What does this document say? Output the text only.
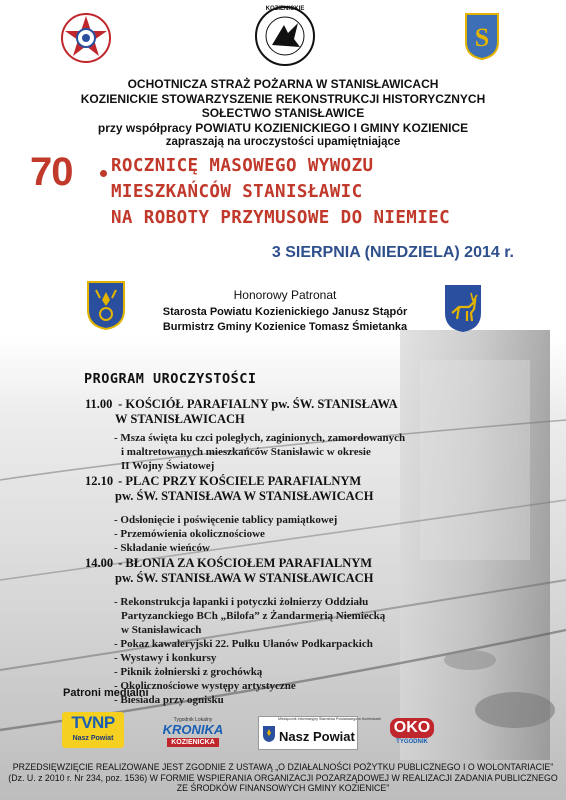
KOZIENICKIE
S
OCHOTNICZA STRAŻ POŻARNA W STANISŁAWICACH
KOZIENICKIE STOWARZYSZENIE REKONSTRUKCJI HISTORYCZNYCH
SOŁECTWO STANISŁAWICE
przy współpracy POWIATU KOZIENICKIEGO I GMINY KOZIENICE
zapraszają na uroczystości upamiętniające
70 ROCZNICĘ MASOWEGO WYWOZU
MIESZKAŃCÓW STANISŁAWIC
NA ROBOTY PRZYMUSOWE DO NIEMIEC
3 SIERPNIA (NIEDZIELA) 2014 r.
Honorowy Patronat
Starosta Powiatu Kozienickiego Janusz Stąpór
Burmistrz Gminy Kozienice Tomasz Śmietanka
PROGRAM UROCZYSTOŚCI
11.00 - KOŚCIÓŁ PARAFIALNY pw. ŚW. STANISŁAWA
W STANISŁAWICACH
- Msza święta ku czci poległych, zaginionych, zamordowanych
i maltretowanych mieszkańców Stanisławic w okresie
II Wojny Światowej
12.10 - PLAC PRZY KOŚCIELE PARAFIALNYM
pw. ŚW. STANISŁAWA W STANISŁAWICACH
- Odsłonięcie i poświęcenie tablicy pamiątkowej
- Przemówienia okolicznościowe
- Składanie wieńców
14.00 - BŁONIA ZA KOŚCIOŁEM PARAFIALNYM
pw. ŚW. STANISŁAWA W STANISŁAWICACH
- Rekonstrukcja łapanki i potyczki żołnierzy Oddziału
Partyzanckiego BCh „Bilofa” z Żandarmerią Niemiecką
w Stanisławicach
- Pokaz kawaleryjski 22. Pułku Ułanów Podkarpackich
- Wystawy i konkursy
- Piknik żołnierski z grochówką
- Okolicznościowe występy artystyczne
- Biesiada przy ognisku
Patroni medialni
TVNP
Nasz Powiat
Tygodnik Lokalny
KRONIKA
KOZIENICKA
Miesięcznik Informacyjny Starostwa Powiatowego w Kozienicach
Nasz Powiat
OKO
TYGODNIK
PRZEDSIĘWZIĘCIE REALIZOWANE JEST ZGODNIE Z USTAWĄ „O DZIAŁALNOŚCI POŻYTKU PUBLICZNEGO I O WOLONTARIACIE”
(Dz. U. z 2010 r. Nr 234, poz. 1536) W FORMIE WSPIERANIA ORGANIZACJI POZARZĄDOWEJ W REALIZACJI ZADANIA PUBLICZNEGO
ZE ŚRODKÓW FINANSOWYCH GMINY KOZIENICE”
